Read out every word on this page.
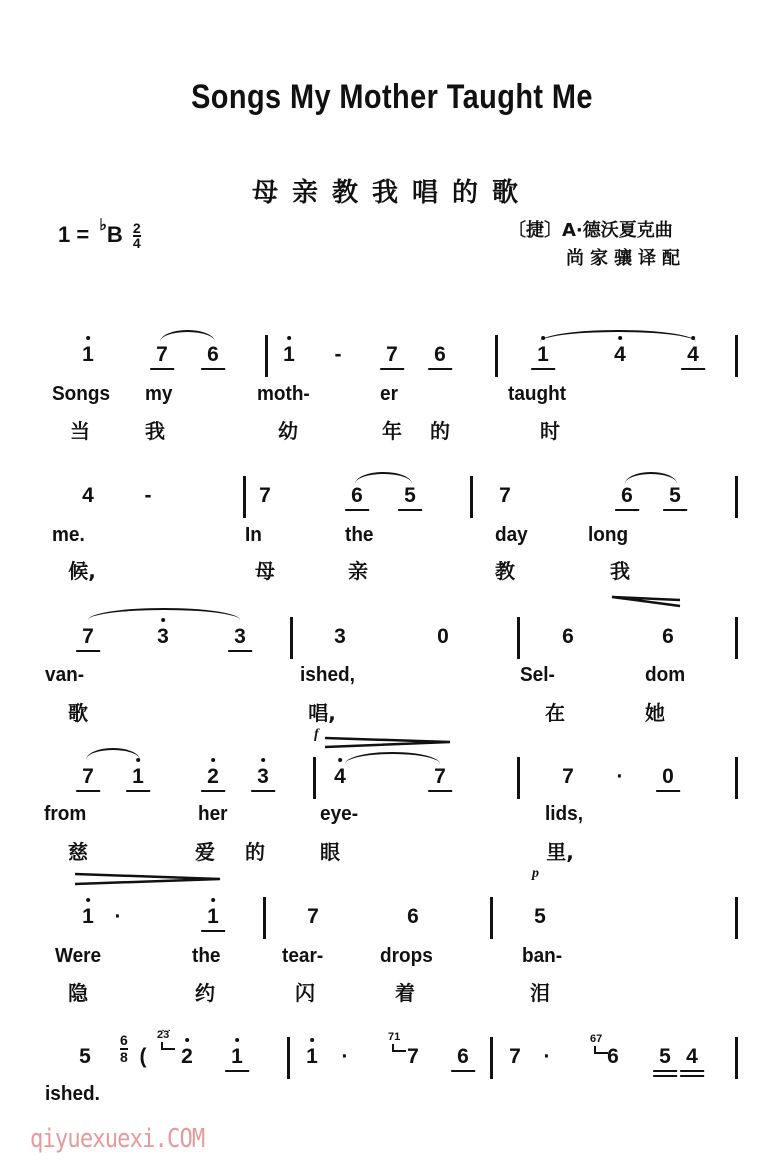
Songs My Mother Taught Me
母亲教我唱的歌
$1 = ^♭B \frac{2}{4}$	〔捷〕A·德沃夏克曲
尚家骧译配
1	7 6	1 - 7 6	1	4	4
Songs my	moth-	er	taught
当	我	幼	年 的	时
4 -	7	6 5	7	6 5
me.	In	the	day	long
候,	母	亲	教	我
7	3	3	3	0	6	6
van-	ished,	Sel-	dom
歌	唱,	在	她
7 1	2 3	4	7	7 · 0
from	her	eye-	lids,
慈	爱 的	眼	里,
f
p
1 ·	1	7	6	5
Were	the	tear-	drops	ban-
隐	约	闪	着	泪
5 ( 2 1	1 ·	7 6 7 ·	6 5 4
ished.
6
8
2̇3̇	71	67
qiyuexuexi.COM
